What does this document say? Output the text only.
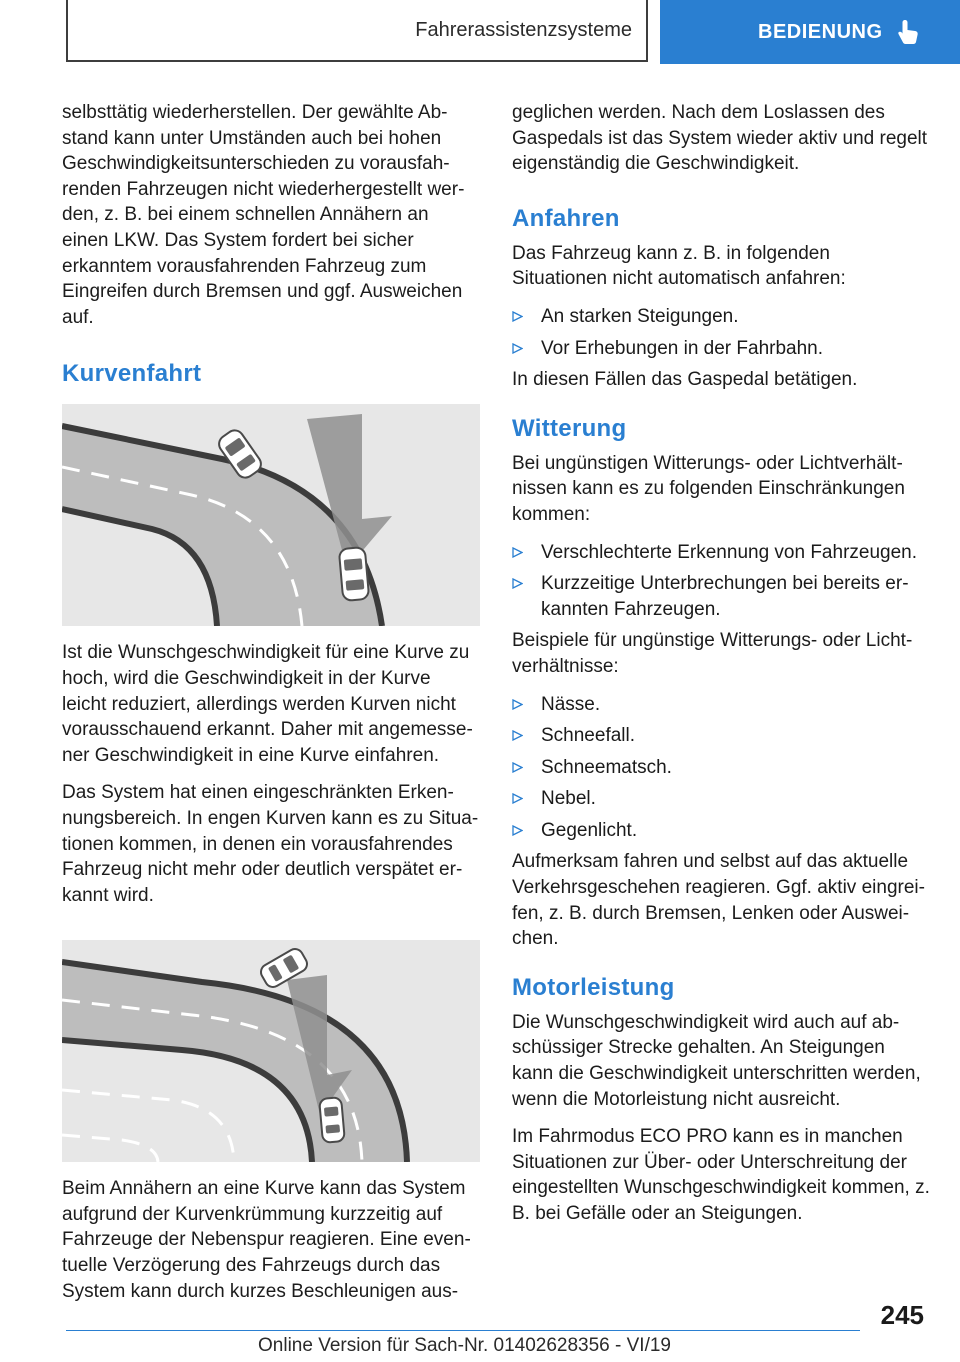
Fahrerassistenzsysteme	BEDIENUNG

selbsttätig wiederherstellen. Der gewählte Abstand kann unter Umständen auch bei hohen Geschwindigkeitsunterschieden zu vorausfahrenden Fahrzeugen nicht wiederhergestellt werden, z. B. bei einem schnellen Annähern an einen LKW. Das System fordert bei sicher erkanntem vorausfahrenden Fahrzeug zum Eingreifen durch Bremsen und ggf. Ausweichen auf.

Kurvenfahrt

Ist die Wunschgeschwindigkeit für eine Kurve zu hoch, wird die Geschwindigkeit in der Kurve leicht reduziert, allerdings werden Kurven nicht vorausschauend erkannt. Daher mit angemessener Geschwindigkeit in eine Kurve einfahren.

Das System hat einen eingeschränkten Erkennungsbereich. In engen Kurven kann es zu Situationen kommen, in denen ein vorausfahrendes Fahrzeug nicht mehr oder deutlich verspätet erkannt wird.

Beim Annähern an eine Kurve kann das System aufgrund der Kurvenkrümmung kurzzeitig auf Fahrzeuge der Nebenspur reagieren. Eine eventuelle Verzögerung des Fahrzeugs durch das System kann durch kurzes Beschleunigen aus-

geglichen werden. Nach dem Loslassen des Gaspedals ist das System wieder aktiv und regelt eigenständig die Geschwindigkeit.

Anfahren

Das Fahrzeug kann z. B. in folgenden Situationen nicht automatisch anfahren:

An starken Steigungen.
Vor Erhebungen in der Fahrbahn.

In diesen Fällen das Gaspedal betätigen.

Witterung

Bei ungünstigen Witterungs- oder Lichtverhältnissen kann es zu folgenden Einschränkungen kommen:

Verschlechterte Erkennung von Fahrzeugen.
Kurzzeitige Unterbrechungen bei bereits erkannten Fahrzeugen.

Beispiele für ungünstige Witterungs- oder Lichtverhältnisse:

Nässe.
Schneefall.
Schneematsch.
Nebel.
Gegenlicht.

Aufmerksam fahren und selbst auf das aktuelle Verkehrsgeschehen reagieren. Ggf. aktiv eingreifen, z. B. durch Bremsen, Lenken oder Ausweichen.

Motorleistung

Die Wunschgeschwindigkeit wird auch auf abschüssiger Strecke gehalten. An Steigungen kann die Geschwindigkeit unterschritten werden, wenn die Motorleistung nicht ausreicht.

Im Fahrmodus ECO PRO kann es in manchen Situationen zur Über- oder Unterschreitung der eingestellten Wunschgeschwindigkeit kommen, z. B. bei Gefälle oder an Steigungen.

245
Online Version für Sach-Nr. 01402628356 - VI/19
